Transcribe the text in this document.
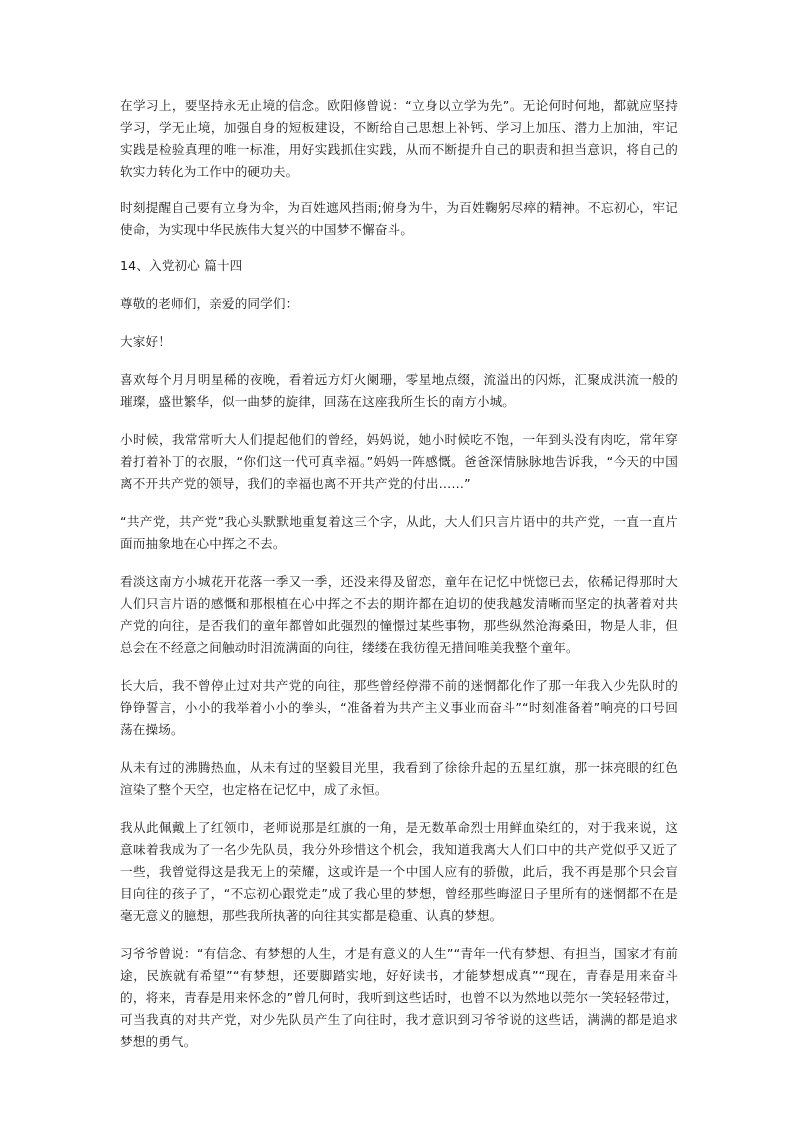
在学习上，要坚持永无止境的信念。欧阳修曾说：“立身以立学为先”。无论何时何地，都就应坚持学习，学无止境，加强自身的短板建设，不断给自己思想上补钙、学习上加压、潜力上加油，牢记实践是检验真理的唯一标准，用好实践抓住实践，从而不断提升自己的职责和担当意识，将自己的软实力转化为工作中的硬功夫。

时刻提醒自己要有立身为伞，为百姓遮风挡雨;俯身为牛，为百姓鞠躬尽瘁的精神。不忘初心，牢记使命，为实现中华民族伟大复兴的中国梦不懈奋斗。

14、入党初心 篇十四

尊敬的老师们，亲爱的同学们：

大家好！

喜欢每个月月明星稀的夜晚，看着远方灯火阑珊，零星地点缀，流溢出的闪烁，汇聚成洪流一般的璀璨，盛世繁华，似一曲梦的旋律，回荡在这座我所生长的南方小城。

小时候，我常常听大人们提起他们的曾经，妈妈说，她小时候吃不饱，一年到头没有肉吃，常年穿着打着补丁的衣服，“你们这一代可真幸福。”妈妈一阵感慨。爸爸深情脉脉地告诉我，“今天的中国离不开共产党的领导，我们的幸福也离不开共产党的付出……”

“共产党，共产党”我心头默默地重复着这三个字，从此，大人们只言片语中的共产党，一直一直片面而抽象地在心中挥之不去。

看淡这南方小城花开花落一季又一季，还没来得及留恋，童年在记忆中恍惚已去，依稀记得那时大人们只言片语的感慨和那根植在心中挥之不去的期许都在迫切的使我越发清晰而坚定的执著着对共产党的向往，是否我们的童年都曾如此强烈的憧憬过某些事物，那些纵然沧海桑田，物是人非，但总会在不经意之间触动时泪流满面的向往，缕缕在我彷徨无措间唯美我整个童年。

长大后，我不曾停止过对共产党的向往，那些曾经停滞不前的迷惘都化作了那一年我入少先队时的铮铮誓言，小小的我举着小小的拳头，“准备着为共产主义事业而奋斗”“时刻准备着”响亮的口号回荡在操场。

从未有过的沸腾热血，从未有过的坚毅目光里，我看到了徐徐升起的五星红旗，那一抹亮眼的红色渲染了整个天空，也定格在记忆中，成了永恒。

我从此佩戴上了红领巾，老师说那是红旗的一角，是无数革命烈士用鲜血染红的，对于我来说，这意味着我成为了一名少先队员，我分外珍惜这个机会，我知道我离大人们口中的共产党似乎又近了一些，我曾觉得这是我无上的荣耀，这或许是一个中国人应有的骄傲，此后，我不再是那个只会盲目向往的孩子了，“不忘初心跟党走”成了我心里的梦想，曾经那些晦涩日子里所有的迷惘都不在是毫无意义的臆想，那些我所执著的向往其实都是稳重、认真的梦想。

习爷爷曾说：“有信念、有梦想的人生，才是有意义的人生”“青年一代有梦想、有担当，国家才有前途，民族就有希望”“有梦想，还要脚踏实地，好好读书，才能梦想成真”“现在，青春是用来奋斗的，将来，青春是用来怀念的”曾几何时，我听到这些话时，也曾不以为然地以莞尔一笑轻轻带过，可当我真的对共产党，对少先队员产生了向往时，我才意识到习爷爷说的这些话，满满的都是追求梦想的勇气。
